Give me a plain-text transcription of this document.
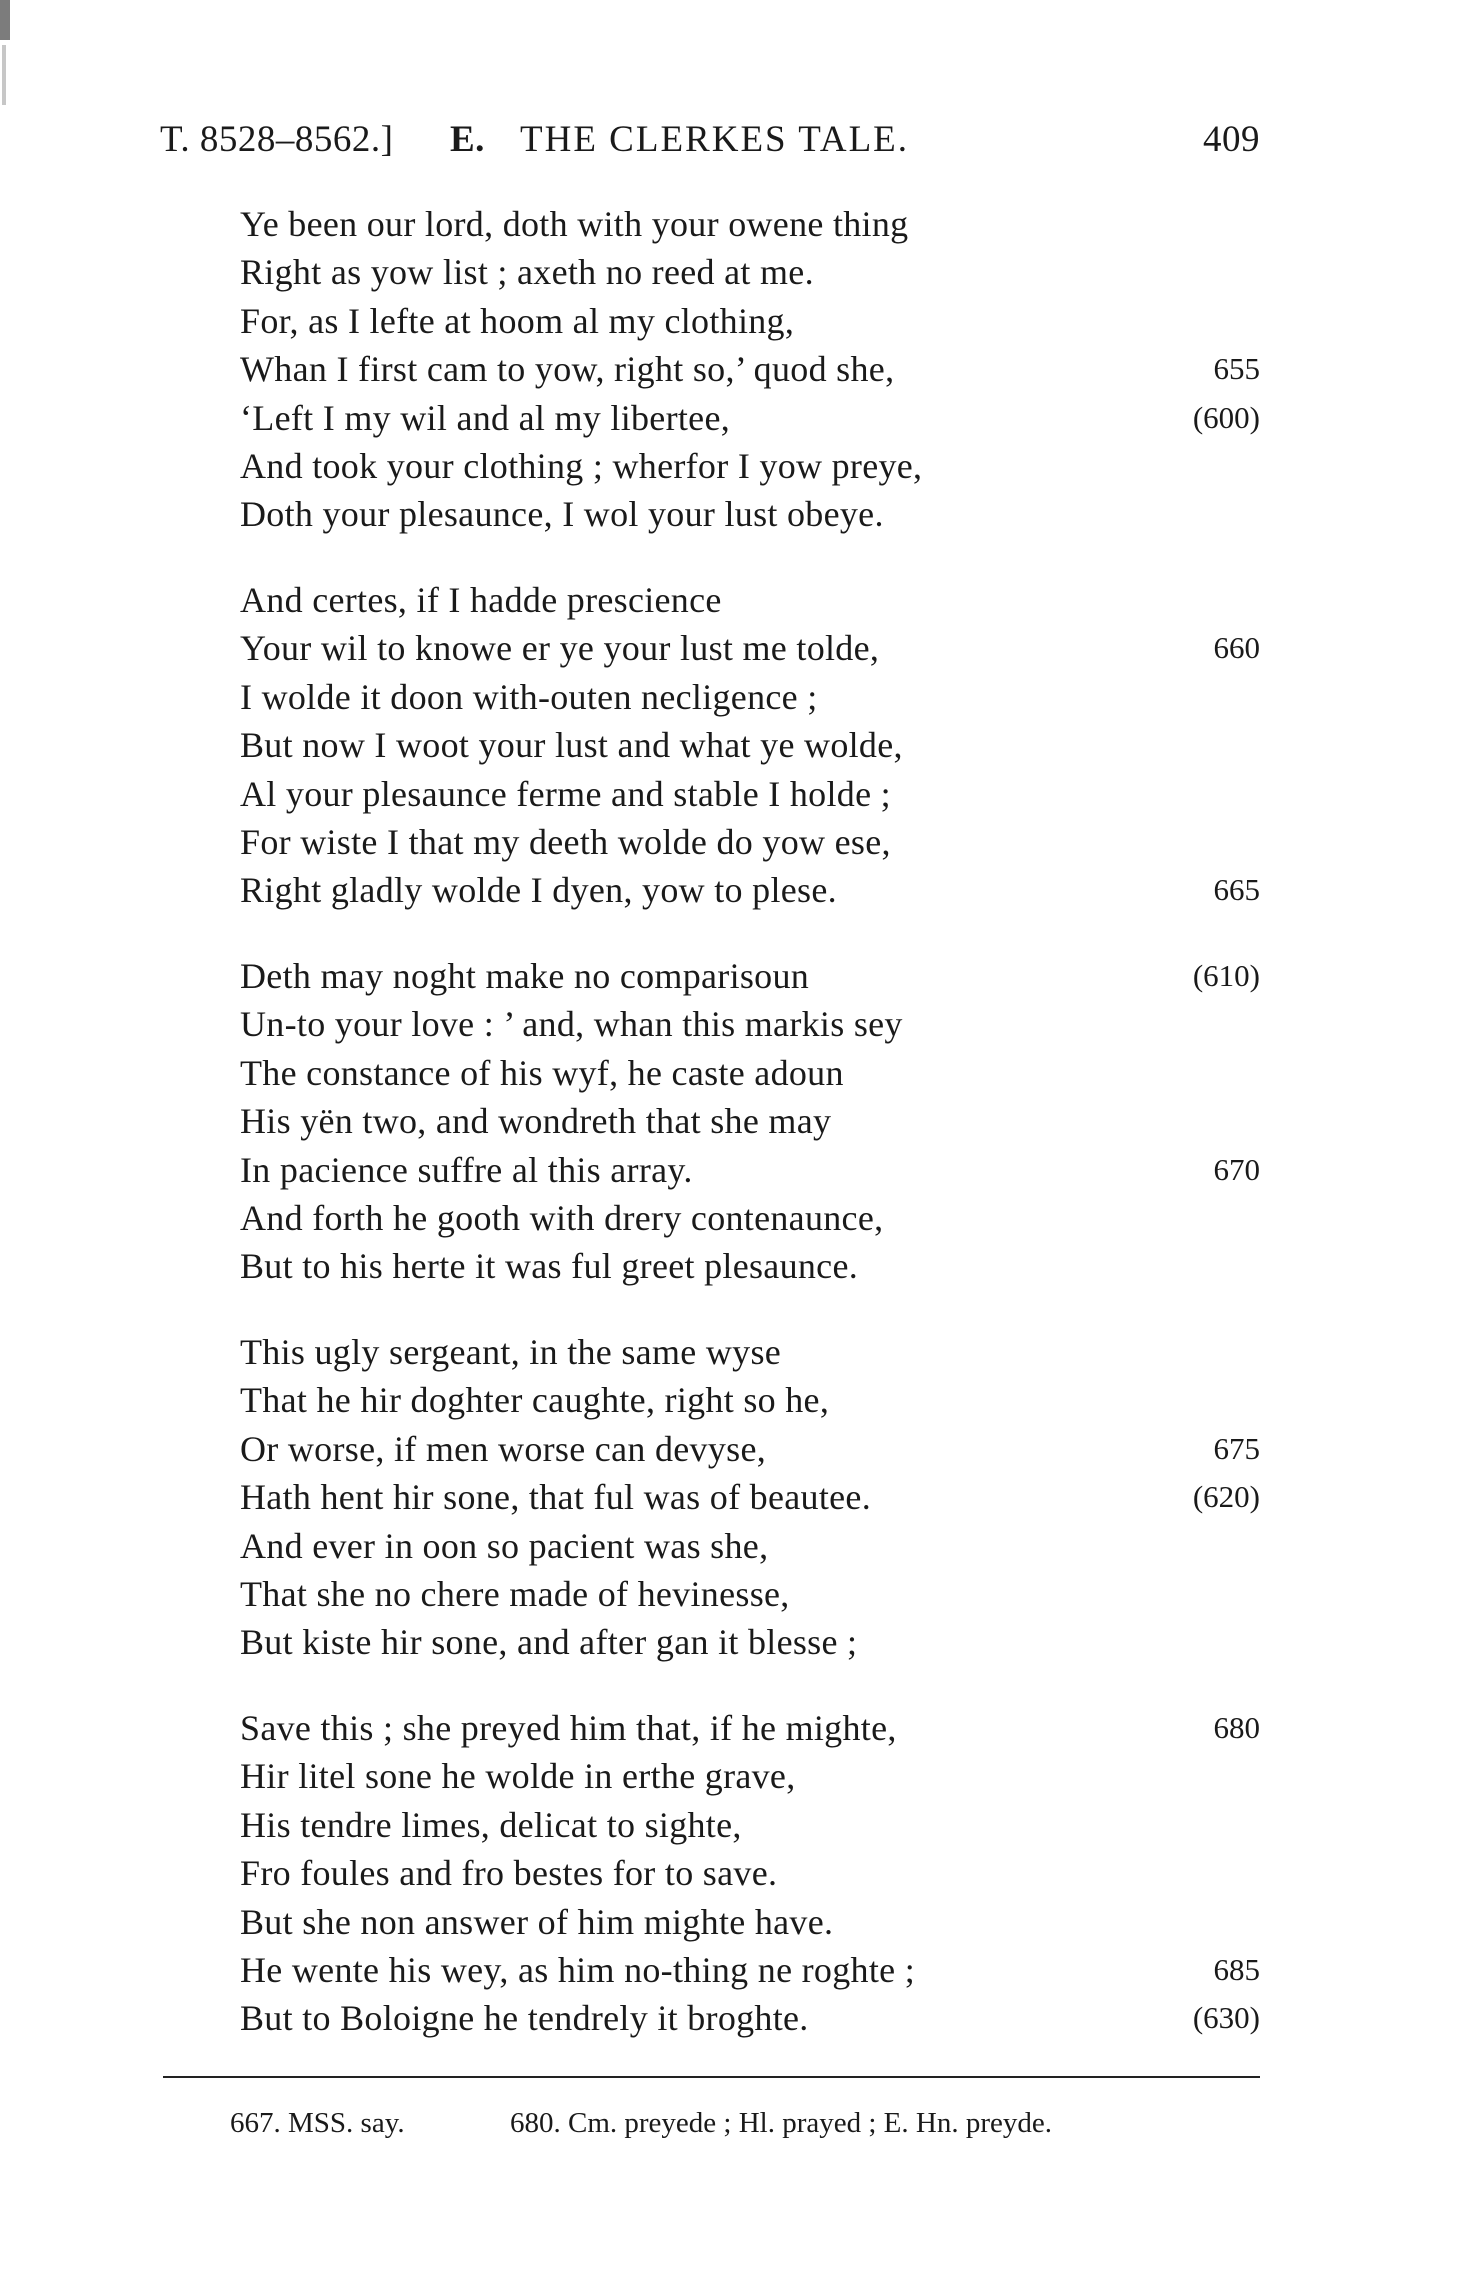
T. 8528–8562.] E. THE CLERKES TALE.	409
Ye been our lord, doth with your owene thing
Right as yow list ; axeth no reed at me.
For, as I lefte at hoom al my clothing,
Whan I first cam to yow, right so,’ quod she,	655
‘Left I my wil and al my libertee,	(600)
And took your clothing ; wherfor I yow preye,
Doth your plesaunce, I wol your lust obeye.
And certes, if I hadde prescience
Your wil to knowe er ye your lust me tolde,	660
I wolde it doon with-outen necligence ;
But now I woot your lust and what ye wolde,
Al your plesaunce ferme and stable I holde ;
For wiste I that my deeth wolde do yow ese,
Right gladly wolde I dyen, yow to plese.	665
Deth may noght make no comparisoun	(610)
Un-to your love : ’ and, whan this markis sey
The constance of his wyf, he caste adoun
His yën two, and wondreth that she may
In pacience suffre al this array.	670
And forth he gooth with drery contenaunce,
But to his herte it was ful greet plesaunce.
This ugly sergeant, in the same wyse
That he hir doghter caughte, right so he,
Or worse, if men worse can devyse,	675
Hath hent hir sone, that ful was of beautee.	(620)
And ever in oon so pacient was she,
That she no chere made of hevinesse,
But kiste hir sone, and after gan it blesse ;
Save this ; she preyed him that, if he mighte,	680
Hir litel sone he wolde in erthe grave,
His tendre limes, delicat to sighte,
Fro foules and fro bestes for to save.
But she non answer of him mighte have.
He wente his wey, as him no-thing ne roghte ;	685
But to Boloigne he tendrely it broghte.	(630)
667. MSS. say.	680. Cm. preyede ; Hl. prayed ; E. Hn. preyde.
